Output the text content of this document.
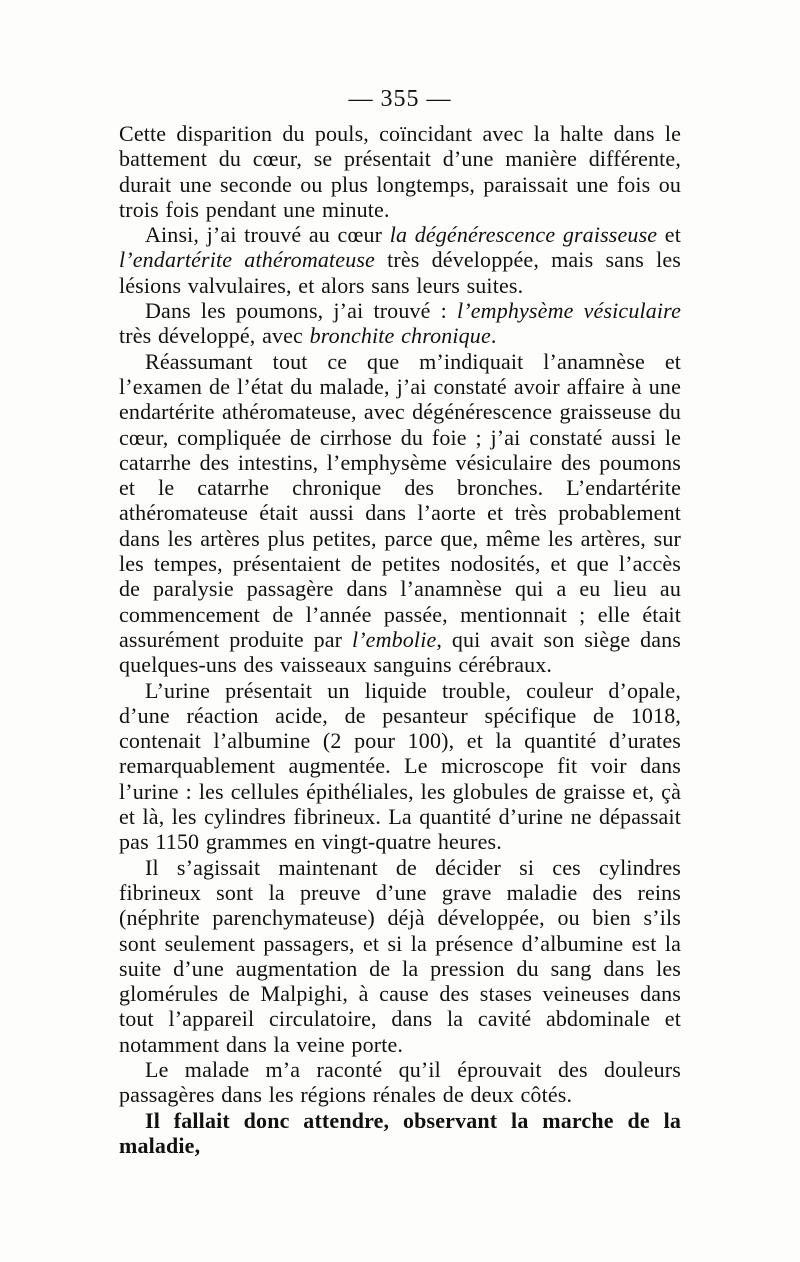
— 355 —

Cette disparition du pouls, coïncidant avec la halte dans le battement du cœur, se présentait d’une manière différente, durait une seconde ou plus longtemps, paraissait une fois ou trois fois pendant une minute.

Ainsi, j’ai trouvé au cœur la dégénérescence graisseuse et l’endartérite athéromateuse très développée, mais sans les lésions valvulaires, et alors sans leurs suites.

Dans les poumons, j’ai trouvé : l’emphysème vésiculaire très développé, avec bronchite chronique.

Réassumant tout ce que m’indiquait l’anamnèse et l’examen de l’état du malade, j’ai constaté avoir affaire à une endartérite athéromateuse, avec dégénérescence graisseuse du cœur, compliquée de cirrhose du foie ; j’ai constaté aussi le catarrhe des intestins, l’emphysème vésiculaire des poumons et le catarrhe chronique des bronches. L’endartérite athéromateuse était aussi dans l’aorte et très probablement dans les artères plus petites, parce que, même les artères, sur les tempes, présentaient de petites nodosités, et que l’accès de paralysie passagère dans l’anamnèse qui a eu lieu au commencement de l’année passée, mentionnait ; elle était assurément produite par l’embolie, qui avait son siège dans quelques-uns des vaisseaux sanguins cérébraux.

L’urine présentait un liquide trouble, couleur d’opale, d’une réaction acide, de pesanteur spécifique de 1018, contenait l’albumine (2 pour 100), et la quantité d’urates remarquablement augmentée. Le microscope fit voir dans l’urine : les cellules épithéliales, les globules de graisse et, çà et là, les cylindres fibrineux. La quantité d’urine ne dépassait pas 1150 grammes en vingt-quatre heures.

Il s’agissait maintenant de décider si ces cylindres fibrineux sont la preuve d’une grave maladie des reins (néphrite parenchymateuse) déjà développée, ou bien s’ils sont seulement passagers, et si la présence d’albumine est la suite d’une augmentation de la pression du sang dans les glomérules de Malpighi, à cause des stases veineuses dans tout l’appareil circulatoire, dans la cavité abdominale et notamment dans la veine porte.

Le malade m’a raconté qu’il éprouvait des douleurs passagères dans les régions rénales de deux côtés.

Il fallait donc attendre, observant la marche de la maladie,
